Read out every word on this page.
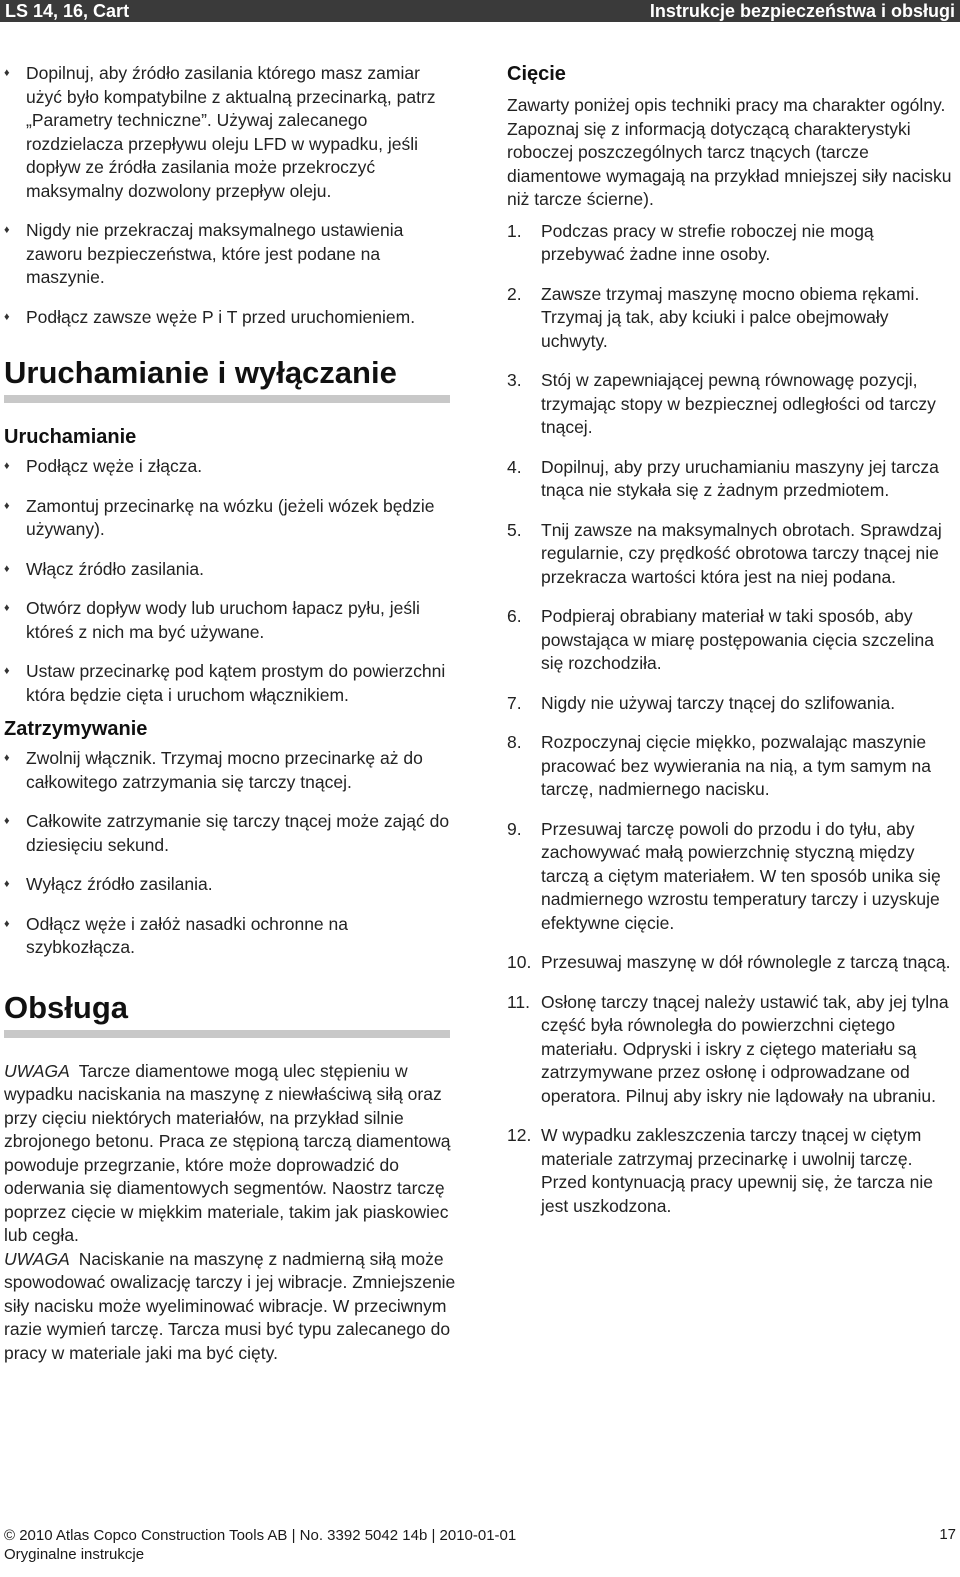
LS 14, 16, Cart	Instrukcje bezpieczeństwa i obsługi
♦ Dopilnuj, aby źródło zasilania którego masz zamiar użyć było kompatybilne z aktualną przecinarką, patrz „Parametry techniczne”. Używaj zalecanego rozdzielacza przepływu oleju LFD w wypadku, jeśli dopływ ze źródła zasilania może przekroczyć maksymalny dozwolony przepływ oleju.
♦ Nigdy nie przekraczaj maksymalnego ustawienia zaworu bezpieczeństwa, które jest podane na maszynie.
♦ Podłącz zawsze węże P i T przed uruchomieniem.
Uruchamianie i wyłączanie
Uruchamianie
♦ Podłącz węże i złącza.
♦ Zamontuj przecinarkę na wózku (jeżeli wózek będzie używany).
♦ Włącz źródło zasilania.
♦ Otwórz dopływ wody lub uruchom łapacz pyłu, jeśli któreś z nich ma być używane.
♦ Ustaw przecinarkę pod kątem prostym do powierzchni która będzie cięta i uruchom włącznikiem.
Zatrzymywanie
♦ Zwolnij włącznik. Trzymaj mocno przecinarkę aż do całkowitego zatrzymania się tarczy tnącej.
♦ Całkowite zatrzymanie się tarczy tnącej może zająć do dziesięciu sekund.
♦ Wyłącz źródło zasilania.
♦ Odłącz węże i załóż nasadki ochronne na szybkozłącza.
Obsługa

UWAGA Tarcze diamentowe mogą ulec stępieniu w wypadku naciskania na maszynę z niewłaściwą siłą oraz przy cięciu niektórych materiałów, na przykład silnie zbrojonego betonu. Praca ze stępioną tarczą diamentową powoduje przegrzanie, które może doprowadzić do oderwania się diamentowych segmentów. Naostrz tarczę poprzez cięcie w miękkim materiale, takim jak piaskowiec lub cegła.

UWAGA Naciskanie na maszynę z nadmierną siłą może spowodować owalizację tarczy i jej wibracje. Zmniejszenie siły nacisku może wyeliminować wibracje. W przeciwnym razie wymień tarczę. Tarcza musi być typu zalecanego do pracy w materiale jaki ma być cięty.

Cięcie

Zawarty poniżej opis techniki pracy ma charakter ogólny. Zapoznaj się z informacją dotyczącą charakterystyki roboczej poszczególnych tarcz tnących (tarcze diamentowe wymagają na przykład mniejszej siły nacisku niż tarcze ścierne).

1. Podczas pracy w strefie roboczej nie mogą przebywać żadne inne osoby.
2. Zawsze trzymaj maszynę mocno obiema rękami. Trzymaj ją tak, aby kciuki i palce obejmowały uchwyty.
3. Stój w zapewniającej pewną równowagę pozycji, trzymając stopy w bezpiecznej odległości od tarczy tnącej.
4. Dopilnuj, aby przy uruchamianiu maszyny jej tarcza tnąca nie stykała się z żadnym przedmiotem.
5. Tnij zawsze na maksymalnych obrotach. Sprawdzaj regularnie, czy prędkość obrotowa tarczy tnącej nie przekracza wartości która jest na niej podana.
6. Podpieraj obrabiany materiał w taki sposób, aby powstająca w miarę postępowania cięcia szczelina się rozchodziła.
7. Nigdy nie używaj tarczy tnącej do szlifowania.
8. Rozpoczynaj cięcie miękko, pozwalając maszynie pracować bez wywierania na nią, a tym samym na tarczę, nadmiernego nacisku.
9. Przesuwaj tarczę powoli do przodu i do tyłu, aby zachowywać małą powierzchnię styczną między tarczą a ciętym materiałem. W ten sposób unika się nadmiernego wzrostu temperatury tarczy i uzyskuje efektywne cięcie.
10. Przesuwaj maszynę w dół równolegle z tarczą tnącą.
11. Osłonę tarczy tnącej należy ustawić tak, aby jej tylna część była równoległa do powierzchni ciętego materiału. Odpryski i iskry z ciętego materiału są zatrzymywane przez osłonę i odprowadzane od operatora. Pilnuj aby iskry nie lądowały na ubraniu.
12. W wypadku zakleszczenia tarczy tnącej w ciętym materiale zatrzymaj przecinarkę i uwolnij tarczę. Przed kontynuacją pracy upewnij się, że tarcza nie jest uszkodzona.
© 2010 Atlas Copco Construction Tools AB | No. 3392 5042 14b | 2010-01-01
Oryginalne instrukcje
17
